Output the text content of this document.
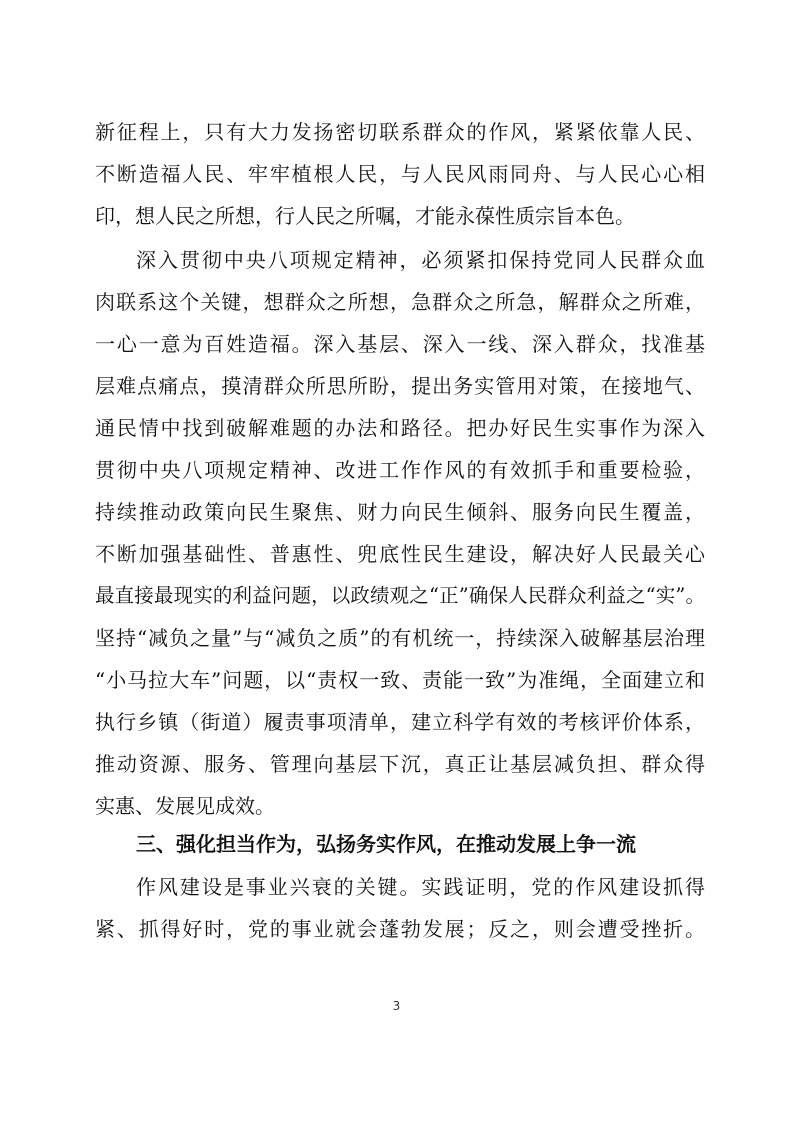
新征程上，只有大力发扬密切联系群众的作风，紧紧依靠人民、

不断造福人民、牢牢植根人民，与人民风雨同舟、与人民心心相

印，想人民之所想，行人民之所嘱，才能永葆性质宗旨本色。

深入贯彻中央八项规定精神，必须紧扣保持党同人民群众血

肉联系这个关键，想群众之所想，急群众之所急，解群众之所难，

一心一意为百姓造福。深入基层、深入一线、深入群众，找准基

层难点痛点，摸清群众所思所盼，提出务实管用对策，在接地气、

通民情中找到破解难题的办法和路径。把办好民生实事作为深入

贯彻中央八项规定精神、改进工作作风的有效抓手和重要检验，

持续推动政策向民生聚焦、财力向民生倾斜、服务向民生覆盖，

不断加强基础性、普惠性、兜底性民生建设，解决好人民最关心

最直接最现实的利益问题，以政绩观之“正”确保人民群众利益之“实”。

坚持“减负之量”与“减负之质”的有机统一，持续深入破解基层治理

“小马拉大车”问题，以“责权一致、责能一致”为准绳，全面建立和

执行乡镇（街道）履责事项清单，建立科学有效的考核评价体系，

推动资源、服务、管理向基层下沉，真正让基层减负担、群众得

实惠、发展见成效。

三、强化担当作为，弘扬务实作风，在推动发展上争一流

作风建设是事业兴衰的关键。实践证明，党的作风建设抓得

紧、抓得好时，党的事业就会蓬勃发展；反之，则会遭受挫折。

3
